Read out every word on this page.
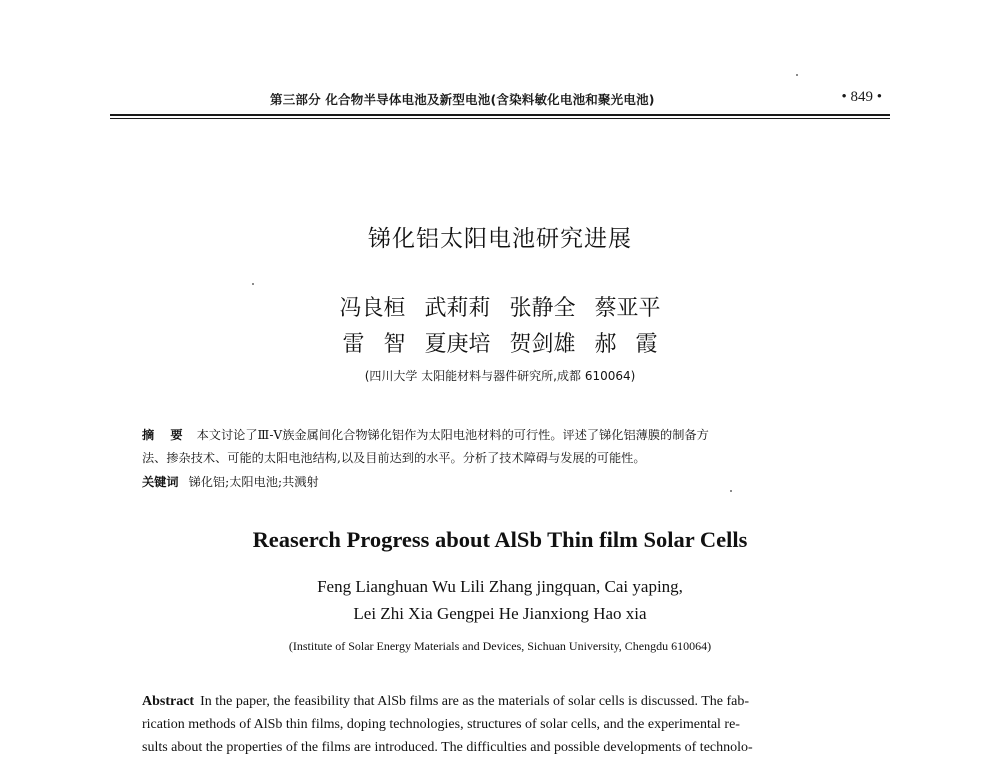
第三部分 化合物半导体电池及新型电池(含染料敏化电池和聚光电池)	• 849 •
锑化铝太阳电池研究进展
冯良桓 武莉莉 张静全 蔡亚平
雷 智 夏庚培 贺剑雄 郝 霞
(四川大学 太阳能材料与器件研究所,成都 610064)
摘 要 本文讨论了Ⅲ-Ⅴ族金属间化合物锑化铝作为太阳电池材料的可行性。评述了锑化铝薄膜的制备方
法、掺杂技术、可能的太阳电池结构,以及目前达到的水平。分析了技术障碍与发展的可能性。
关键词 锑化铝;太阳电池;共溅射
Reaserch Progress about AlSb Thin film Solar Cells
Feng Lianghuan Wu Lili Zhang jingquan, Cai yaping,
Lei Zhi Xia Gengpei He Jianxiong Hao xia
(Institute of Solar Energy Materials and Devices, Sichuan University, Chengdu 610064)
Abstract In the paper, the feasibility that AlSb films are as the materials of solar cells is discussed. The fab-
rication methods of AlSb thin films, doping technologies, structures of solar cells, and the experimental re-
sults about the properties of the films are introduced. The difficulties and possible developments of technolo-
